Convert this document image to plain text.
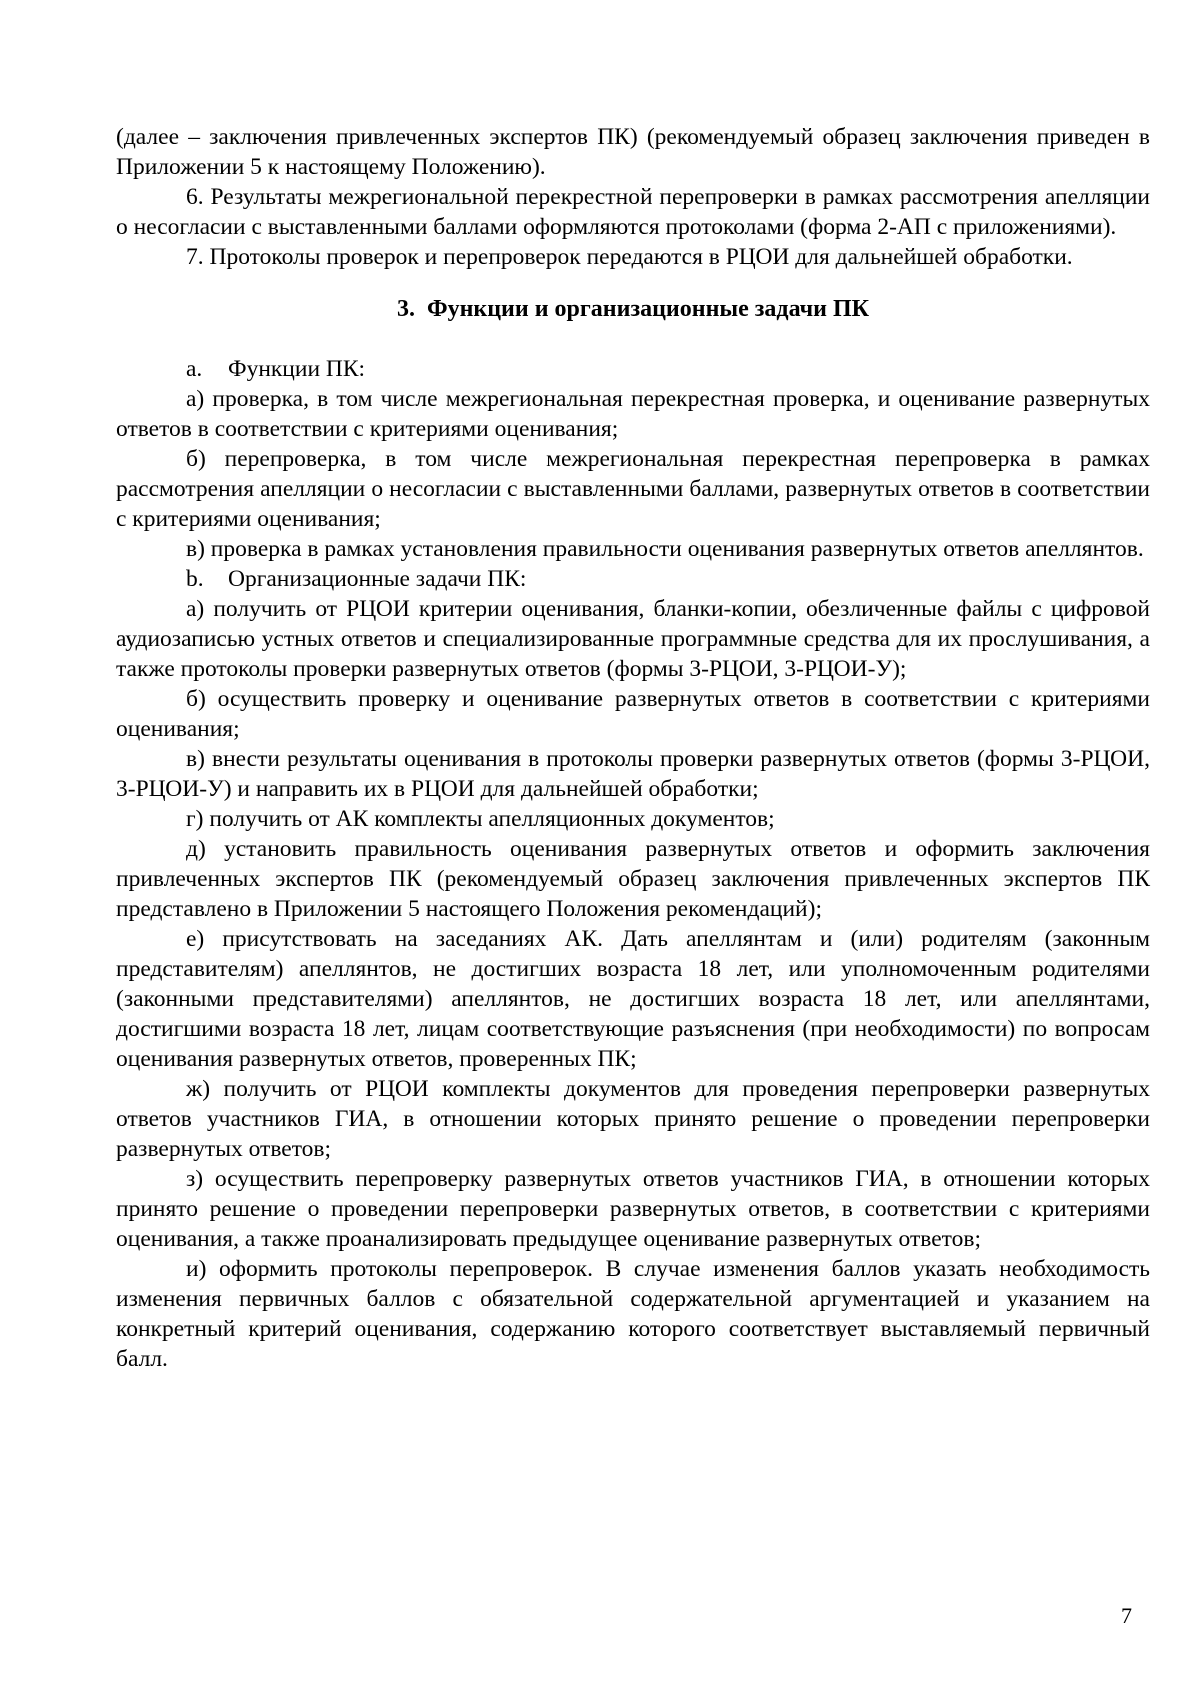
(далее – заключения привлеченных экспертов ПК) (рекомендуемый образец заключения приведен в Приложении 5 к настоящему Положению).

6. Результаты межрегиональной перекрестной перепроверки в рамках рассмотрения апелляции о несогласии с выставленными баллами оформляются протоколами (форма 2-АП с приложениями).

7. Протоколы проверок и перепроверок передаются в РЦОИ для дальнейшей обработки.

3. Функции и организационные задачи ПК

a. Функции ПК:

а) проверка, в том числе межрегиональная перекрестная проверка, и оценивание развернутых ответов в соответствии с критериями оценивания;

б) перепроверка, в том числе межрегиональная перекрестная перепроверка в рамках рассмотрения апелляции о несогласии с выставленными баллами, развернутых ответов в соответствии с критериями оценивания;

в) проверка в рамках установления правильности оценивания развернутых ответов апеллянтов.

b. Организационные задачи ПК:

а) получить от РЦОИ критерии оценивания, бланки-копии, обезличенные файлы с цифровой аудиозаписью устных ответов и специализированные программные средства для их прослушивания, а также протоколы проверки развернутых ответов (формы 3-РЦОИ, 3-РЦОИ-У);

б) осуществить проверку и оценивание развернутых ответов в соответствии с критериями оценивания;

в) внести результаты оценивания в протоколы проверки развернутых ответов (формы 3-РЦОИ, 3-РЦОИ-У) и направить их в РЦОИ для дальнейшей обработки;

г) получить от АК комплекты апелляционных документов;

д) установить правильность оценивания развернутых ответов и оформить заключения привлеченных экспертов ПК (рекомендуемый образец заключения привлеченных экспертов ПК представлено в Приложении 5 настоящего Положения рекомендаций);

е) присутствовать на заседаниях АК. Дать апеллянтам и (или) родителям (законным представителям) апеллянтов, не достигших возраста 18 лет, или уполномоченным родителями (законными представителями) апеллянтов, не достигших возраста 18 лет, или апеллянтами, достигшими возраста 18 лет, лицам соответствующие разъяснения (при необходимости) по вопросам оценивания развернутых ответов, проверенных ПК;

ж) получить от РЦОИ комплекты документов для проведения перепроверки развернутых ответов участников ГИА, в отношении которых принято решение о проведении перепроверки развернутых ответов;

з) осуществить перепроверку развернутых ответов участников ГИА, в отношении которых принято решение о проведении перепроверки развернутых ответов, в соответствии с критериями оценивания, а также проанализировать предыдущее оценивание развернутых ответов;

и) оформить протоколы перепроверок. В случае изменения баллов указать необходимость изменения первичных баллов с обязательной содержательной аргументацией и указанием на конкретный критерий оценивания, содержанию которого соответствует выставляемый первичный балл.

7
